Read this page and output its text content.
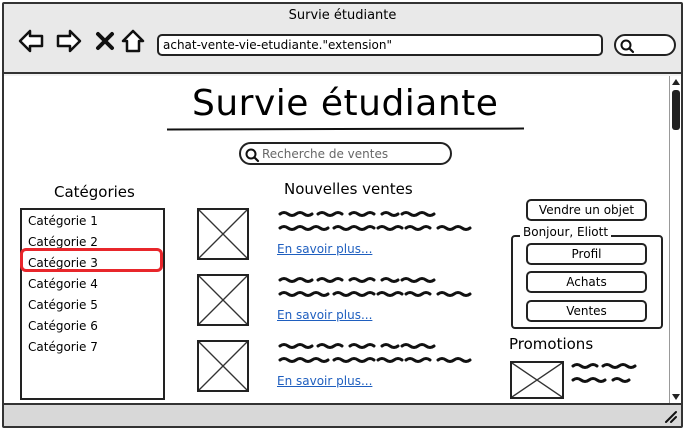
Survie étudiante
achat-vente-vie-etudiante."extension"
Survie étudiante
Recherche de ventes
Catégories
Catégorie 1
Catégorie 2
Catégorie 3
Catégorie 4
Catégorie 5
Catégorie 6
Catégorie 7
Nouvelles ventes
En savoir plus...
En savoir plus...
En savoir plus...
Vendre un objet
Bonjour, Eliott
Profil
Achats
Ventes
Promotions
